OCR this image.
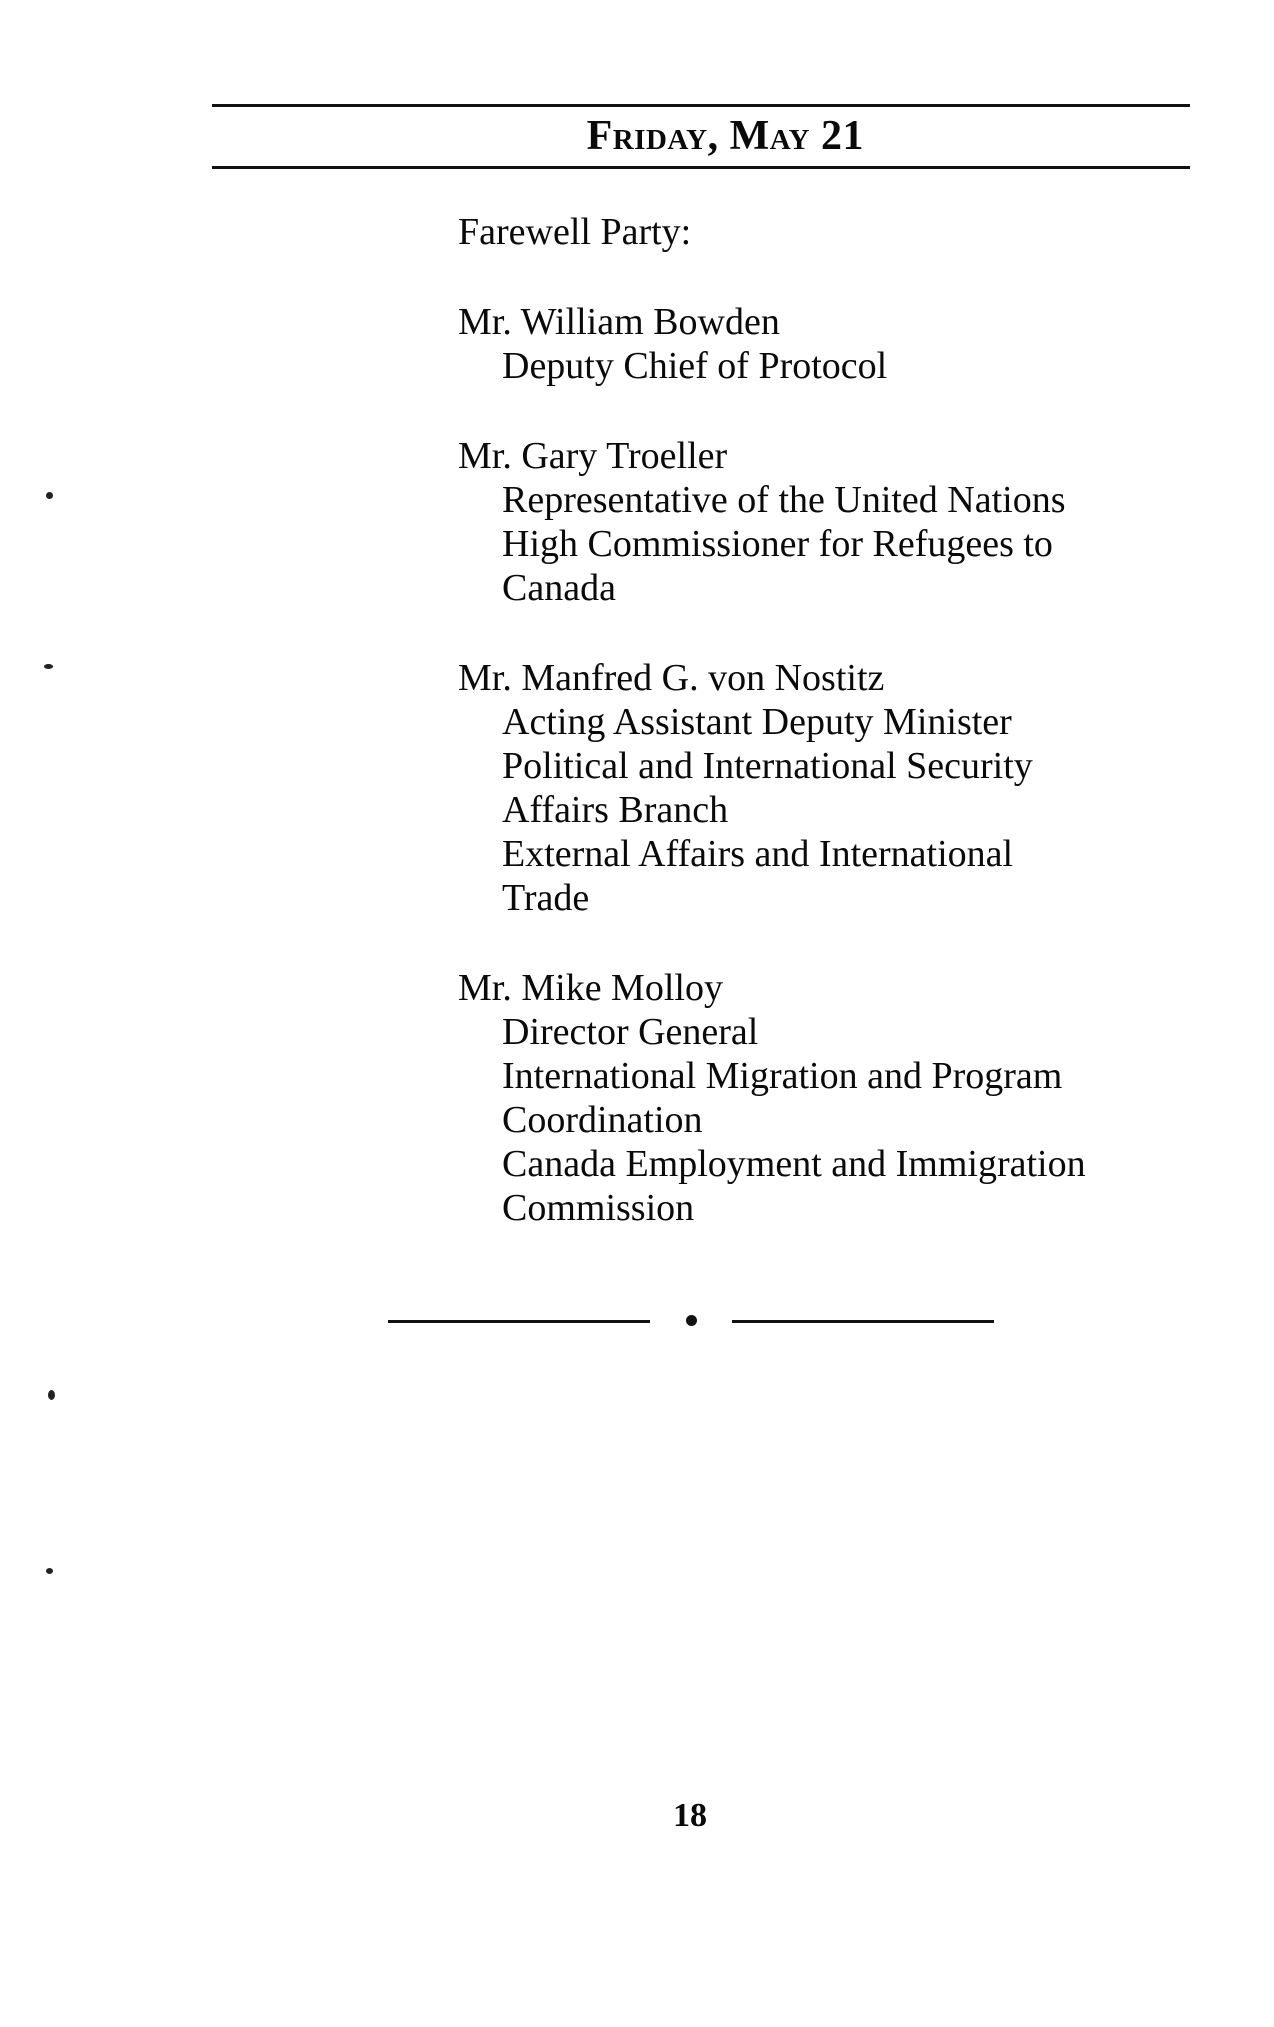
Friday, May 21
Farewell Party:
Mr. William Bowden
Deputy Chief of Protocol
Mr. Gary Troeller
Representative of the United Nations
High Commissioner for Refugees to
Canada
Mr. Manfred G. von Nostitz
Acting Assistant Deputy Minister
Political and International Security
Affairs Branch
External Affairs and International
Trade
Mr. Mike Molloy
Director General
International Migration and Program
Coordination
Canada Employment and Immigration
Commission
18
